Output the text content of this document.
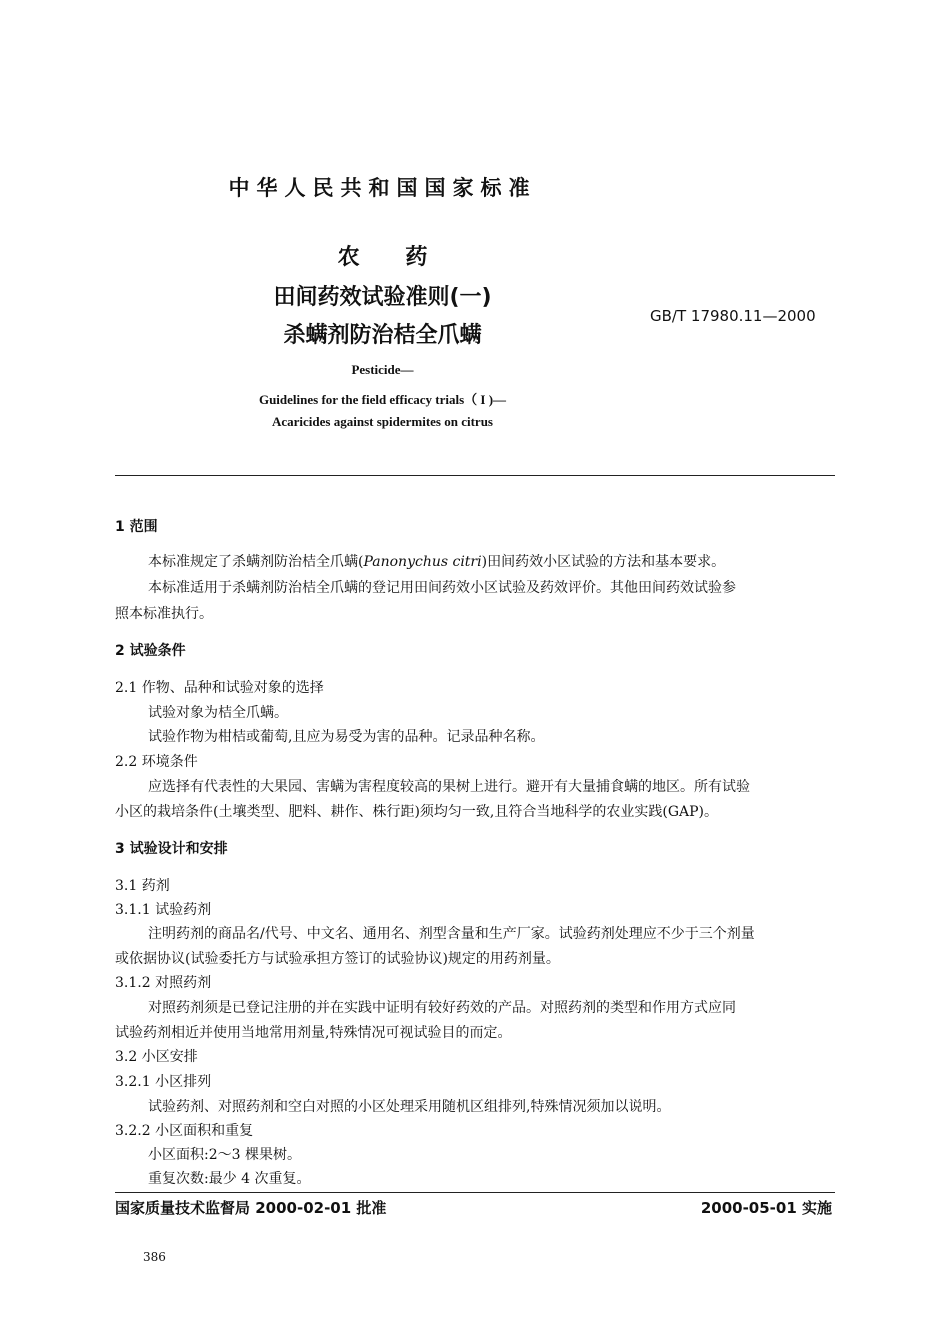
中华人民共和国国家标准
农 药
田间药效试验准则(一)
杀螨剂防治桔全爪螨
GB/T 17980.11—2000
Pesticide—
Guidelines for the field efficacy trials（ I )—
Acaricides against spidermites on citrus
1 范围
本标准规定了杀螨剂防治桔全爪螨(Panonychus citri)田间药效小区试验的方法和基本要求。
本标准适用于杀螨剂防治桔全爪螨的登记用田间药效小区试验及药效评价。其他田间药效试验参
照本标准执行。
2 试验条件
2.1 作物、品种和试验对象的选择
试验对象为桔全爪螨。
试验作物为柑桔或葡萄,且应为易受为害的品种。记录品种名称。
2.2 环境条件
应选择有代表性的大果园、害螨为害程度较高的果树上进行。避开有大量捕食螨的地区。所有试验
小区的栽培条件(土壤类型、肥料、耕作、株行距)须均匀一致,且符合当地科学的农业实践(GAP)。
3 试验设计和安排
3.1 药剂
3.1.1 试验药剂
注明药剂的商品名/代号、中文名、通用名、剂型含量和生产厂家。试验药剂处理应不少于三个剂量
或依据协议(试验委托方与试验承担方签订的试验协议)规定的用药剂量。
3.1.2 对照药剂
对照药剂须是已登记注册的并在实践中证明有较好药效的产品。对照药剂的类型和作用方式应同
试验药剂相近并使用当地常用剂量,特殊情况可视试验目的而定。
3.2 小区安排
3.2.1 小区排列
试验药剂、对照药剂和空白对照的小区处理采用随机区组排列,特殊情况须加以说明。
3.2.2 小区面积和重复
小区面积:2～3 棵果树。
重复次数:最少 4 次重复。
国家质量技术监督局 2000-02-01 批准	2000-05-01 实施
386
